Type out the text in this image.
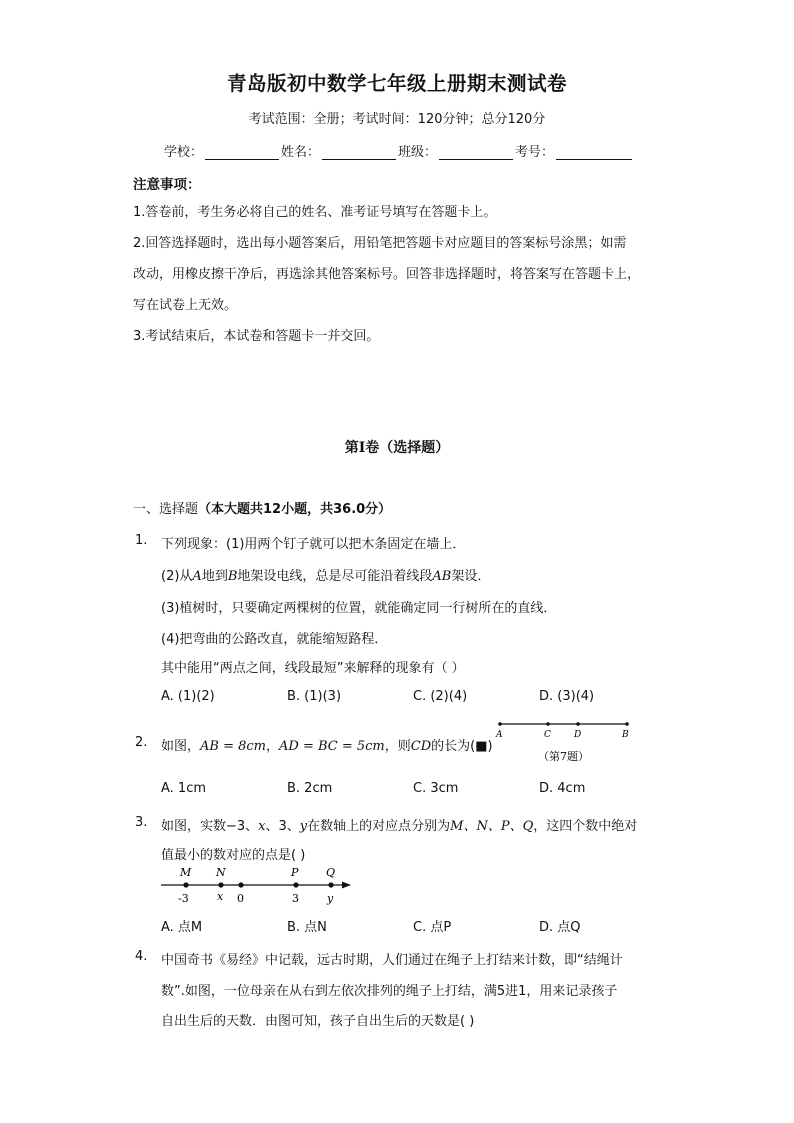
青岛版初中数学七年级上册期末测试卷
考试范围：全册；考试时间：120分钟；总分120分
学校：	姓名：	班级：	考号：
注意事项：
1.答卷前，考生务必将自己的姓名、准考证号填写在答题卡上。
2.回答选择题时，选出每小题答案后，用铅笔把答题卡对应题目的答案标号涂黑；如需
改动，用橡皮擦干净后，再选涂其他答案标号。回答非选择题时，将答案写在答题卡上，
写在试卷上无效。
3.考试结束后，本试卷和答题卡一并交回。
第Ⅰ卷（选择题）
一、选择题（本大题共12小题，共36.0分）
1. 下列现象：(1)用两个钉子就可以把木条固定在墙上．
(2)从A地到B地架设电线，总是尽可能沿着线段AB架设．
(3)植树时，只要确定两棵树的位置，就能确定同一行树所在的直线．
(4)把弯曲的公路改直，就能缩短路程．
其中能用“两点之间，线段最短”来解释的现象有（ ）
A. (1)(2)	B. (1)(3)	C. (2)(4)	D. (3)(4)
2. 如图，AB = 8cm，AD = BC = 5cm，则CD的长为(■)
A	C	D	B
（第7题）
A. 1cm	B. 2cm	C. 3cm	D. 4cm
3. 如图，实数−3、x、3、y在数轴上的对应点分别为M、N、P、Q，这四个数中绝对
值最小的数对应的点是( )
M N	P	Q
-3	x 0	3	y
A. 点M	B. 点N	C. 点P	D. 点Q
4. 中国奇书《易经》中记载，远古时期，人们通过在绳子上打结来计数，即“结绳计
数”.如图，一位母亲在从右到左依次排列的绳子上打结，满5进1，用来记录孩子
自出生后的天数．由图可知，孩子自出生后的天数是( )
